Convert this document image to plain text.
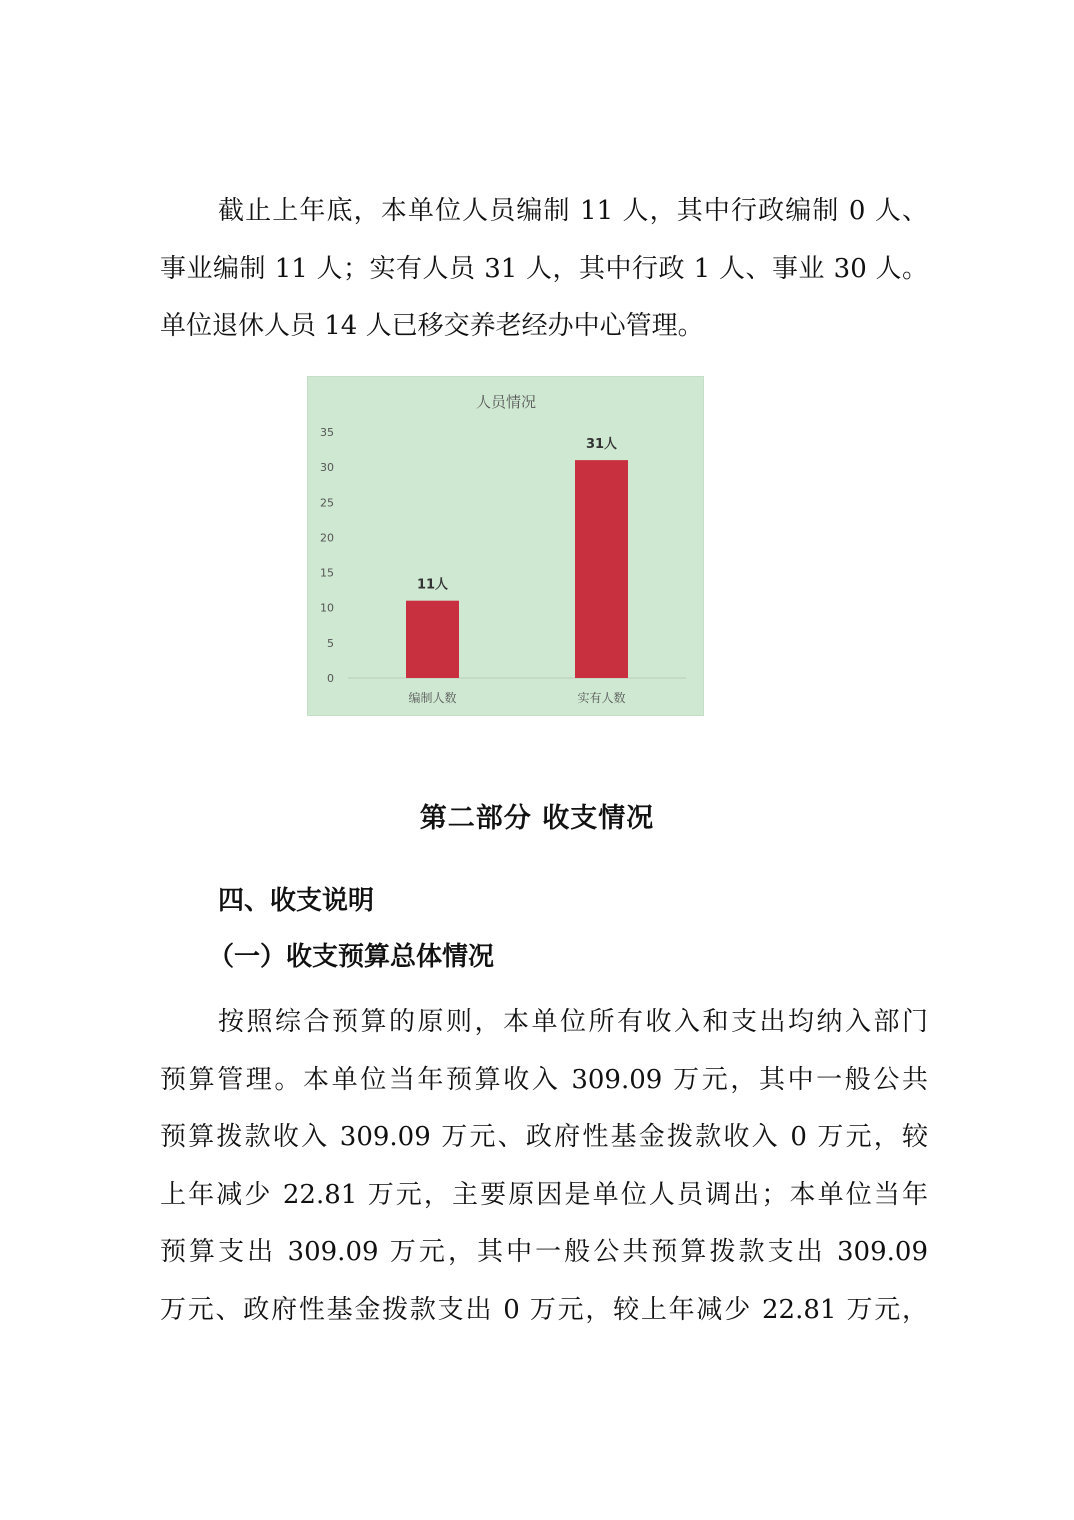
截止上年底，本单位人员编制 11 人，其中行政编制 0 人、
事业编制 11 人；实有人员 31 人，其中行政 1 人、事业 30 人。
单位退休人员 14 人已移交养老经办中心管理。
人员情况
0
5
10
15
20
25
30
35
11人
31人
编制人数	实有人数
第二部分 收支情况
四、收支说明
（一）收支预算总体情况
按照综合预算的原则，本单位所有收入和支出均纳入部门
预算管理。本单位当年预算收入 309.09 万元，其中一般公共
预算拨款收入 309.09 万元、政府性基金拨款收入 0 万元，较
上年减少 22.81 万元，主要原因是单位人员调出；本单位当年
预算支出 309.09 万元，其中一般公共预算拨款支出 309.09
万元、政府性基金拨款支出 0 万元，较上年减少 22.81 万元，
